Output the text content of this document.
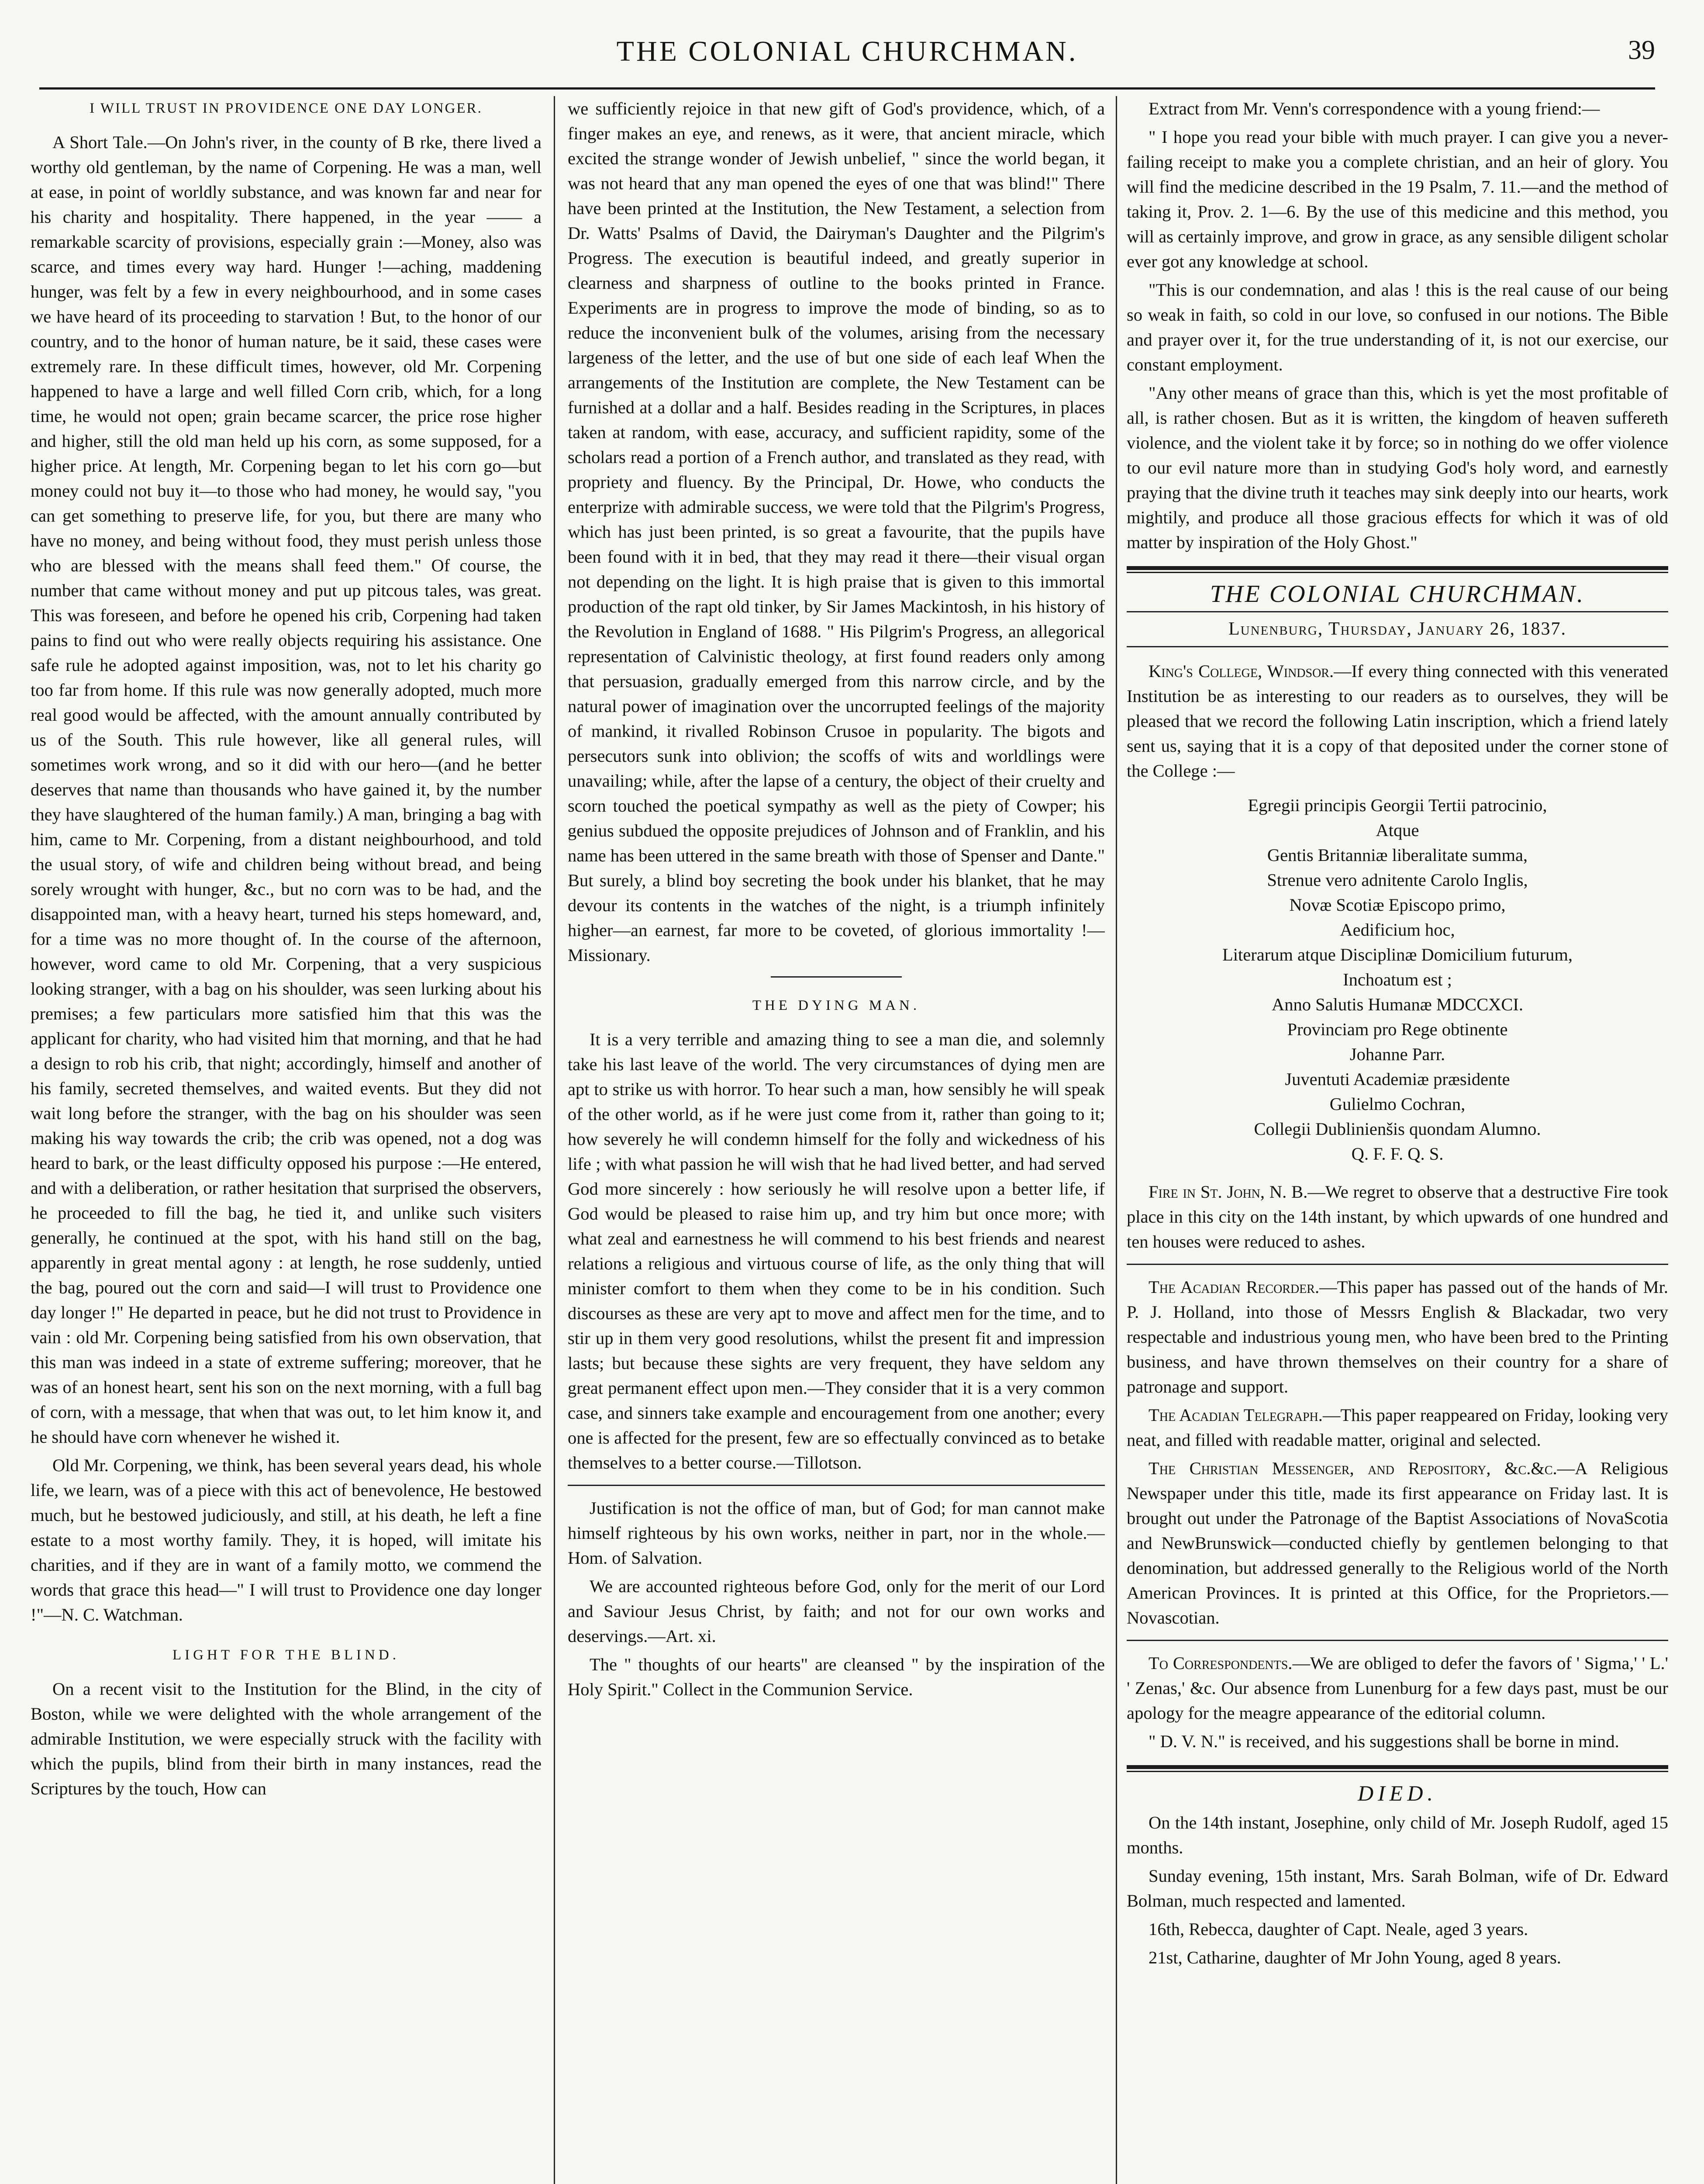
THE COLONIAL CHURCHMAN.	39
I WILL TRUST IN PROVIDENCE ONE DAY LONGER.

A Short Tale.—On John's river, in the county of B rke, there lived a worthy old gentleman, by the name of Corpening. He was a man, well at ease, in point of worldly substance, and was known far and near for his charity and hospitality. There happened, in the year —— a remarkable scarcity of provisions, especially grain :—Money, also was scarce, and times every way hard. Hunger !—aching, maddening hunger, was felt by a few in every neighbourhood, and in some cases we have heard of its proceeding to starvation ! But, to the honor of our country, and to the honor of human nature, be it said, these cases were extremely rare. In these difficult times, however, old Mr. Corpening happened to have a large and well filled Corn crib, which, for a long time, he would not open; grain became scarcer, the price rose higher and higher, still the old man held up his corn, as some supposed, for a higher price. At length, Mr. Corpening began to let his corn go—but money could not buy it—to those who had money, he would say, "you can get something to preserve life, for you, but there are many who have no money, and being without food, they must perish unless those who are blessed with the means shall feed them." Of course, the number that came without money and put up pitcous tales, was great. This was foreseen, and before he opened his crib, Corpening had taken pains to find out who were really objects requiring his assistance. One safe rule he adopted against imposition, was, not to let his charity go too far from home. If this rule was now generally adopted, much more real good would be affected, with the amount annually contributed by us of the South. This rule however, like all general rules, will sometimes work wrong, and so it did with our hero—(and he better deserves that name than thousands who have gained it, by the number they have slaughtered of the human family.) A man, bringing a bag with him, came to Mr. Corpening, from a distant neighbourhood, and told the usual story, of wife and children being without bread, and being sorely wrought with hunger, &c., but no corn was to be had, and the disappointed man, with a heavy heart, turned his steps homeward, and, for a time was no more thought of. In the course of the afternoon, however, word came to old Mr. Corpening, that a very suspicious looking stranger, with a bag on his shoulder, was seen lurking about his premises; a few particulars more satisfied him that this was the applicant for charity, who had visited him that morning, and that he had a design to rob his crib, that night; accordingly, himself and another of his family, secreted themselves, and waited events. But they did not wait long before the stranger, with the bag on his shoulder was seen making his way towards the crib; the crib was opened, not a dog was heard to bark, or the least difficulty opposed his purpose :—He entered, and with a deliberation, or rather hesitation that surprised the observers, he proceeded to fill the bag, he tied it, and unlike such visiters generally, he continued at the spot, with his hand still on the bag, apparently in great mental agony : at length, he rose suddenly, untied the bag, poured out the corn and said—I will trust to Providence one day longer !" He departed in peace, but he did not trust to Providence in vain : old Mr. Corpening being satisfied from his own observation, that this man was indeed in a state of extreme suffering; moreover, that he was of an honest heart, sent his son on the next morning, with a full bag of corn, with a message, that when that was out, to let him know it, and he should have corn whenever he wished it.

Old Mr. Corpening, we think, has been several years dead, his whole life, we learn, was of a piece with this act of benevolence, He bestowed much, but he bestowed judiciously, and still, at his death, he left a fine estate to a most worthy family. They, it is hoped, will imitate his charities, and if they are in want of a family motto, we commend the words that grace this head—" I will trust to Providence one day longer !"—N. C. Watchman.

LIGHT FOR THE BLIND.

On a recent visit to the Institution for the Blind, in the city of Boston, while we were delighted with the whole arrangement of the admirable Institution, we were especially struck with the facility with which the pupils, blind from their birth in many instances, read the Scriptures by the touch, How can

we sufficiently rejoice in that new gift of God's providence, which, of a finger makes an eye, and renews, as it were, that ancient miracle, which excited the strange wonder of Jewish unbelief, " since the world began, it was not heard that any man opened the eyes of one that was blind!" There have been printed at the Institution, the New Testament, a selection from Dr. Watts' Psalms of David, the Dairyman's Daughter and the Pilgrim's Progress. The execution is beautiful indeed, and greatly superior in clearness and sharpness of outline to the books printed in France. Experiments are in progress to improve the mode of binding, so as to reduce the inconvenient bulk of the volumes, arising from the necessary largeness of the letter, and the use of but one side of each leaf When the arrangements of the Institution are complete, the New Testament can be furnished at a dollar and a half. Besides reading in the Scriptures, in places taken at random, with ease, accuracy, and sufficient rapidity, some of the scholars read a portion of a French author, and translated as they read, with propriety and fluency. By the Principal, Dr. Howe, who conducts the enterprize with admirable success, we were told that the Pilgrim's Progress, which has just been printed, is so great a favourite, that the pupils have been found with it in bed, that they may read it there—their visual organ not depending on the light. It is high praise that is given to this immortal production of the rapt old tinker, by Sir James Mackintosh, in his history of the Revolution in England of 1688. " His Pilgrim's Progress, an allegorical representation of Calvinistic theology, at first found readers only among that persuasion, gradually emerged from this narrow circle, and by the natural power of imagination over the uncorrupted feelings of the majority of mankind, it rivalled Robinson Crusoe in popularity. The bigots and persecutors sunk into oblivion; the scoffs of wits and worldlings were unavailing; while, after the lapse of a century, the object of their cruelty and scorn touched the poetical sympathy as well as the piety of Cowper; his genius subdued the opposite prejudices of Johnson and of Franklin, and his name has been uttered in the same breath with those of Spenser and Dante." But surely, a blind boy secreting the book under his blanket, that he may devour its contents in the watches of the night, is a triumph infinitely higher—an earnest, far more to be coveted, of glorious immortality !—Missionary.

THE DYING MAN.

It is a very terrible and amazing thing to see a man die, and solemnly take his last leave of the world. The very circumstances of dying men are apt to strike us with horror. To hear such a man, how sensibly he will speak of the other world, as if he were just come from it, rather than going to it; how severely he will condemn himself for the folly and wickedness of his life ; with what passion he will wish that he had lived better, and had served God more sincerely : how seriously he will resolve upon a better life, if God would be pleased to raise him up, and try him but once more; with what zeal and earnestness he will commend to his best friends and nearest relations a religious and virtuous course of life, as the only thing that will minister comfort to them when they come to be in his condition. Such discourses as these are very apt to move and affect men for the time, and to stir up in them very good resolutions, whilst the present fit and impression lasts; but because these sights are very frequent, they have seldom any great permanent effect upon men.—They consider that it is a very common case, and sinners take example and encouragement from one another; every one is affected for the present, few are so effectually convinced as to betake themselves to a better course.—Tillotson.

Justification is not the office of man, but of God; for man cannot make himself righteous by his own works, neither in part, nor in the whole.—Hom. of Salvation.

We are accounted righteous before God, only for the merit of our Lord and Saviour Jesus Christ, by faith; and not for our own works and deservings.—Art. xi.

The " thoughts of our hearts" are cleansed " by the inspiration of the Holy Spirit." Collect in the Communion Service.

Extract from Mr. Venn's correspondence with a young friend:—

" I hope you read your bible with much prayer. I can give you a never-failing receipt to make you a complete christian, and an heir of glory. You will find the medicine described in the 19 Psalm, 7. 11.—and the method of taking it, Prov. 2. 1—6. By the use of this medicine and this method, you will as certainly improve, and grow in grace, as any sensible diligent scholar ever got any knowledge at school.

"This is our condemnation, and alas ! this is the real cause of our being so weak in faith, so cold in our love, so confused in our notions. The Bible and prayer over it, for the true understanding of it, is not our exercise, our constant employment.

"Any other means of grace than this, which is yet the most profitable of all, is rather chosen. But as it is written, the kingdom of heaven suffereth violence, and the violent take it by force; so in nothing do we offer violence to our evil nature more than in studying God's holy word, and earnestly praying that the divine truth it teaches may sink deeply into our hearts, work mightily, and produce all those gracious effects for which it was of old matter by inspiration of the Holy Ghost."

THE COLONIAL CHURCHMAN.
Lunenburg, Thursday, January 26, 1837.

King's College, Windsor.—If every thing connected with this venerated Institution be as interesting to our readers as to ourselves, they will be pleased that we record the following Latin inscription, which a friend lately sent us, saying that it is a copy of that deposited under the corner stone of the College :—

Egregii principis Georgii Tertii patrocinio,
Atque
Gentis Britanniæ liberalitate summa,
Strenue vero adnitente Carolo Inglis,
Novæ Scotiæ Episcopo primo,
Aedificium hoc,
Literarum atque Disciplinæ Domicilium futurum,
Inchoatum est ;
Anno Salutis Humanæ MDCCXCI.
Provinciam pro Rege obtinente
Johanne Parr.
Juventuti Academiæ præsidente
Gulielmo Cochran,
Collegii Dublinienšis quondam Alumno.
Q. F. F. Q. S.

Fire in St. John, N. B.—We regret to observe that a destructive Fire took place in this city on the 14th instant, by which upwards of one hundred and ten houses were reduced to ashes.

The Acadian Recorder.—This paper has passed out of the hands of Mr. P. J. Holland, into those of Messrs English & Blackadar, two very respectable and industrious young men, who have been bred to the Printing business, and have thrown themselves on their country for a share of patronage and support.

The Acadian Telegraph.—This paper reappeared on Friday, looking very neat, and filled with readable matter, original and selected.

The Christian Messenger, and Repository, &c.&c.—A Religious Newspaper under this title, made its first appearance on Friday last. It is brought out under the Patronage of the Baptist Associations of NovaScotia and NewBrunswick—conducted chiefly by gentlemen belonging to that denomination, but addressed generally to the Religious world of the North American Provinces. It is printed at this Office, for the Proprietors.—Novascotian.

To Correspondents.—We are obliged to defer the favors of ' Sigma,' ' L.' ' Zenas,' &c. Our absence from Lunenburg for a few days past, must be our apology for the meagre appearance of the editorial column.

" D. V. N." is received, and his suggestions shall be borne in mind.

DIED.

On the 14th instant, Josephine, only child of Mr. Joseph Rudolf, aged 15 months.

Sunday evening, 15th instant, Mrs. Sarah Bolman, wife of Dr. Edward Bolman, much respected and lamented.

16th, Rebecca, daughter of Capt. Neale, aged 3 years.

21st, Catharine, daughter of Mr John Young, aged 8 years.
